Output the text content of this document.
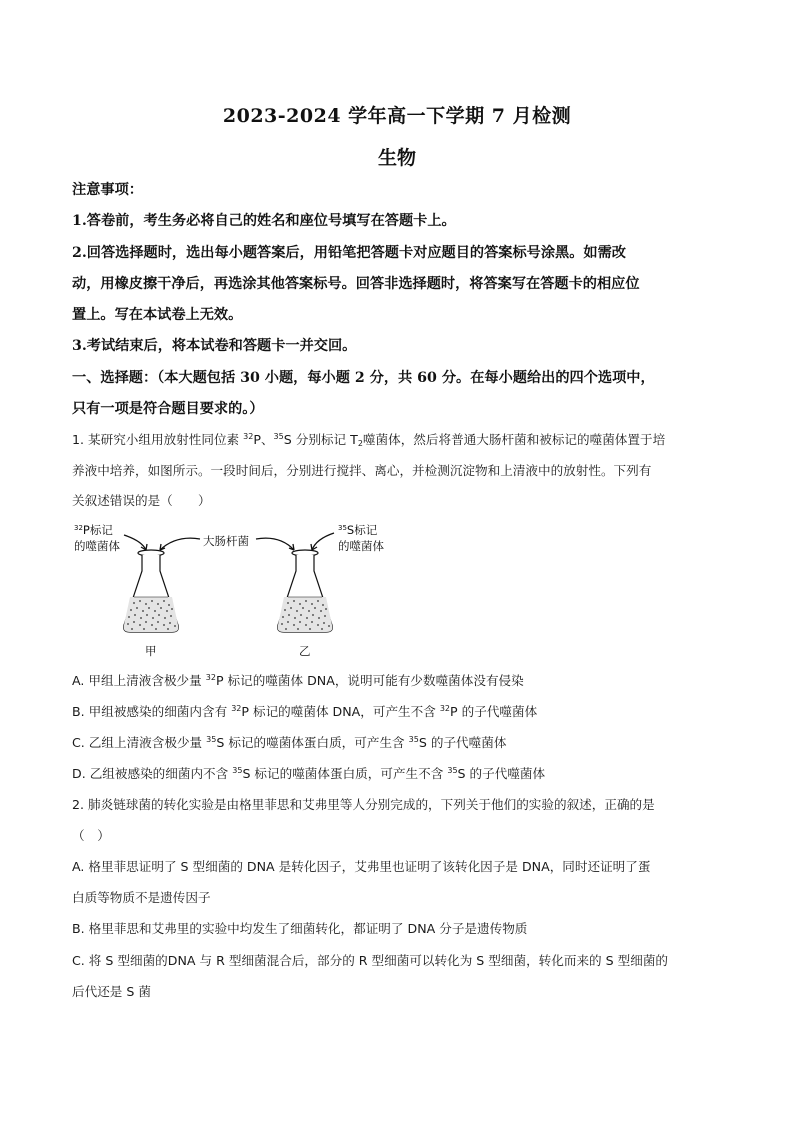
2023-2024 学年高一下学期 7 月检测
生物
注意事项：
1.答卷前，考生务必将自己的姓名和座位号填写在答题卡上。
2.回答选择题时，选出每小题答案后，用铅笔把答题卡对应题目的答案标号涂黑。如需改
动，用橡皮擦干净后，再选涂其他答案标号。回答非选择题时，将答案写在答题卡的相应位
置上。写在本试卷上无效。
3.考试结束后，将本试卷和答题卡一并交回。
一、选择题：（本大题包括 30 小题，每小题 2 分，共 60 分。在每小题给出的四个选项中，
只有一项是符合题目要求的。）
1. 某研究小组用放射性同位素 $^{32}$P、$^{35}$S 分别标记 $T_2$噬菌体，然后将普通大肠杆菌和被标记的噬菌体置于培
养液中培养，如图所示。一段时间后，分别进行搅拌、离心，并检测沉淀物和上清液中的放射性。下列有
关叙述错误的是（　　）
$^{32}$P标记
的噬菌体	大肠杆菌
$^{35}$S标记
的噬菌体
甲	乙
A. 甲组上清液含极少量 $^{32}$P 标记的噬菌体 DNA，说明可能有少数噬菌体没有侵染
B. 甲组被感染的细菌内含有 $^{32}$P 标记的噬菌体 DNA，可产生不含 $^{32}$P 的子代噬菌体
C. 乙组上清液含极少量 $^{35}$S 标记的噬菌体蛋白质，可产生含 $^{35}$S 的子代噬菌体
D. 乙组被感染的细菌内不含 $^{35}$S 标记的噬菌体蛋白质，可产生不含 $^{35}$S 的子代噬菌体
2. 肺炎链球菌的转化实验是由格里菲思和艾弗里等人分别完成的，下列关于他们的实验的叙述，正确的是
（　）
A. 格里菲思证明了 S 型细菌的 DNA 是转化因子，艾弗里也证明了该转化因子是 DNA，同时还证明了蛋
白质等物质不是遗传因子
B. 格里菲思和艾弗里的实验中均发生了细菌转化，都证明了 DNA 分子是遗传物质
C. 将 S 型细菌的DNA 与 R 型细菌混合后，部分的 R 型细菌可以转化为 S 型细菌，转化而来的 S 型细菌的
后代还是 S 菌
